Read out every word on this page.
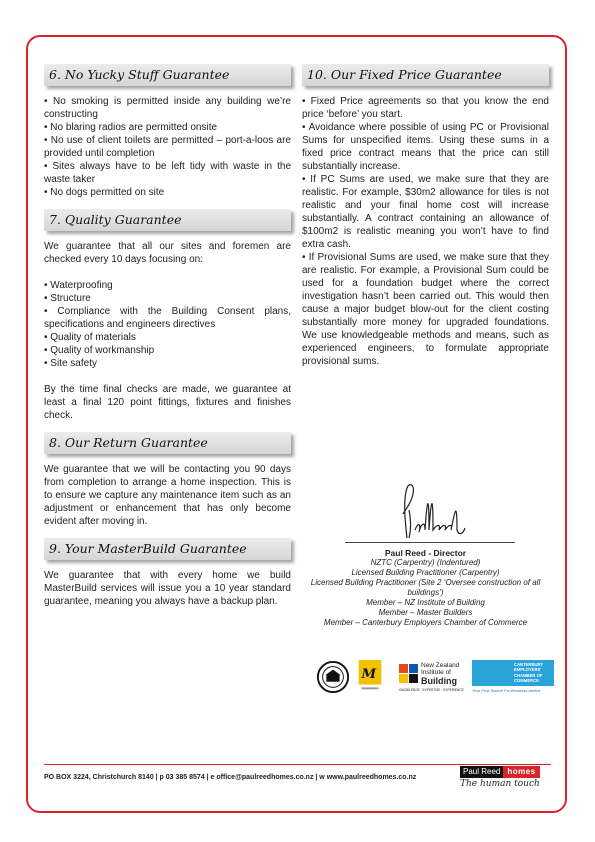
6. No Yucky Stuff Guarantee

• No smoking is permitted inside any building we’re constructing

• No blaring radios are permitted onsite

• No use of client toilets are permitted – port-a-loos are provided until completion

• Sites always have to be left tidy with waste in the waste taker

• No dogs permitted on site

7. Quality Guarantee

We guarantee that all our sites and foremen are checked every 10 days focusing on:

• Waterproofing

• Structure

• Compliance with the Building Consent plans, specifications and engineers directives

• Quality of materials

• Quality of workmanship

• Site safety

By the time final checks are made, we guarantee at least a final 120 point fittings, fixtures and finishes check.

8. Our Return Guarantee

We guarantee that we will be contacting you 90 days from completion to arrange a home inspection. This is to ensure we capture any maintenance item such as an adjustment or enhancement that has only become evident after moving in.

9. Your MasterBuild Guarantee

We guarantee that with every home we build MasterBuild services will issue you a 10 year standard guarantee, meaning you always have a backup plan.

10. Our Fixed Price Guarantee

• Fixed Price agreements so that you know the end price ‘before’ you start.

• Avoidance where possible of using PC or Provisional Sums for unspecified items. Using these sums in a fixed price contract means that the price can still substantially increase.

• If PC Sums are used, we make sure that they are realistic. For example, $30m2 allowance for tiles is not realistic and your final home cost will increase substantially. A contract containing an allowance of $100m2 is realistic meaning you won’t have to find extra cash.

• If Provisional Sums are used, we make sure that they are realistic. For example, a Provisional Sum could be used for a foundation budget where the correct investigation hasn’t been carried out. This would then cause a major budget blow-out for the client costing substantially more money for upgraded foundations. We use knowledgeable methods and means, such as experienced engineers, to formulate appropriate provisional sums.

Paul Reed - Director
NZTC (Carpentry) (Indentured)
Licensed Building Practitioner (Carpentry)
Licensed Building Practitioner (Site 2 ‘Oversee construction of all buildings’)
Member – NZ Institute of Building
Member – Master Builders
Member – Canterbury Employers Chamber of Commerce
M
New Zealand
Institute of
Building
KNOWLEDGE · EXPERTISE · EXPERIENCE
CANTERBURY
EMPLOYERS'
CHAMBER OF
COMMERCE
Your First Source For Business Advice
PO BOX 3224, Christchurch 8140 | p 03 385 8574 | e office@paulreedhomes.co.nz | w www.paulreedhomes.co.nz
Paul Reed homes
The human touch
